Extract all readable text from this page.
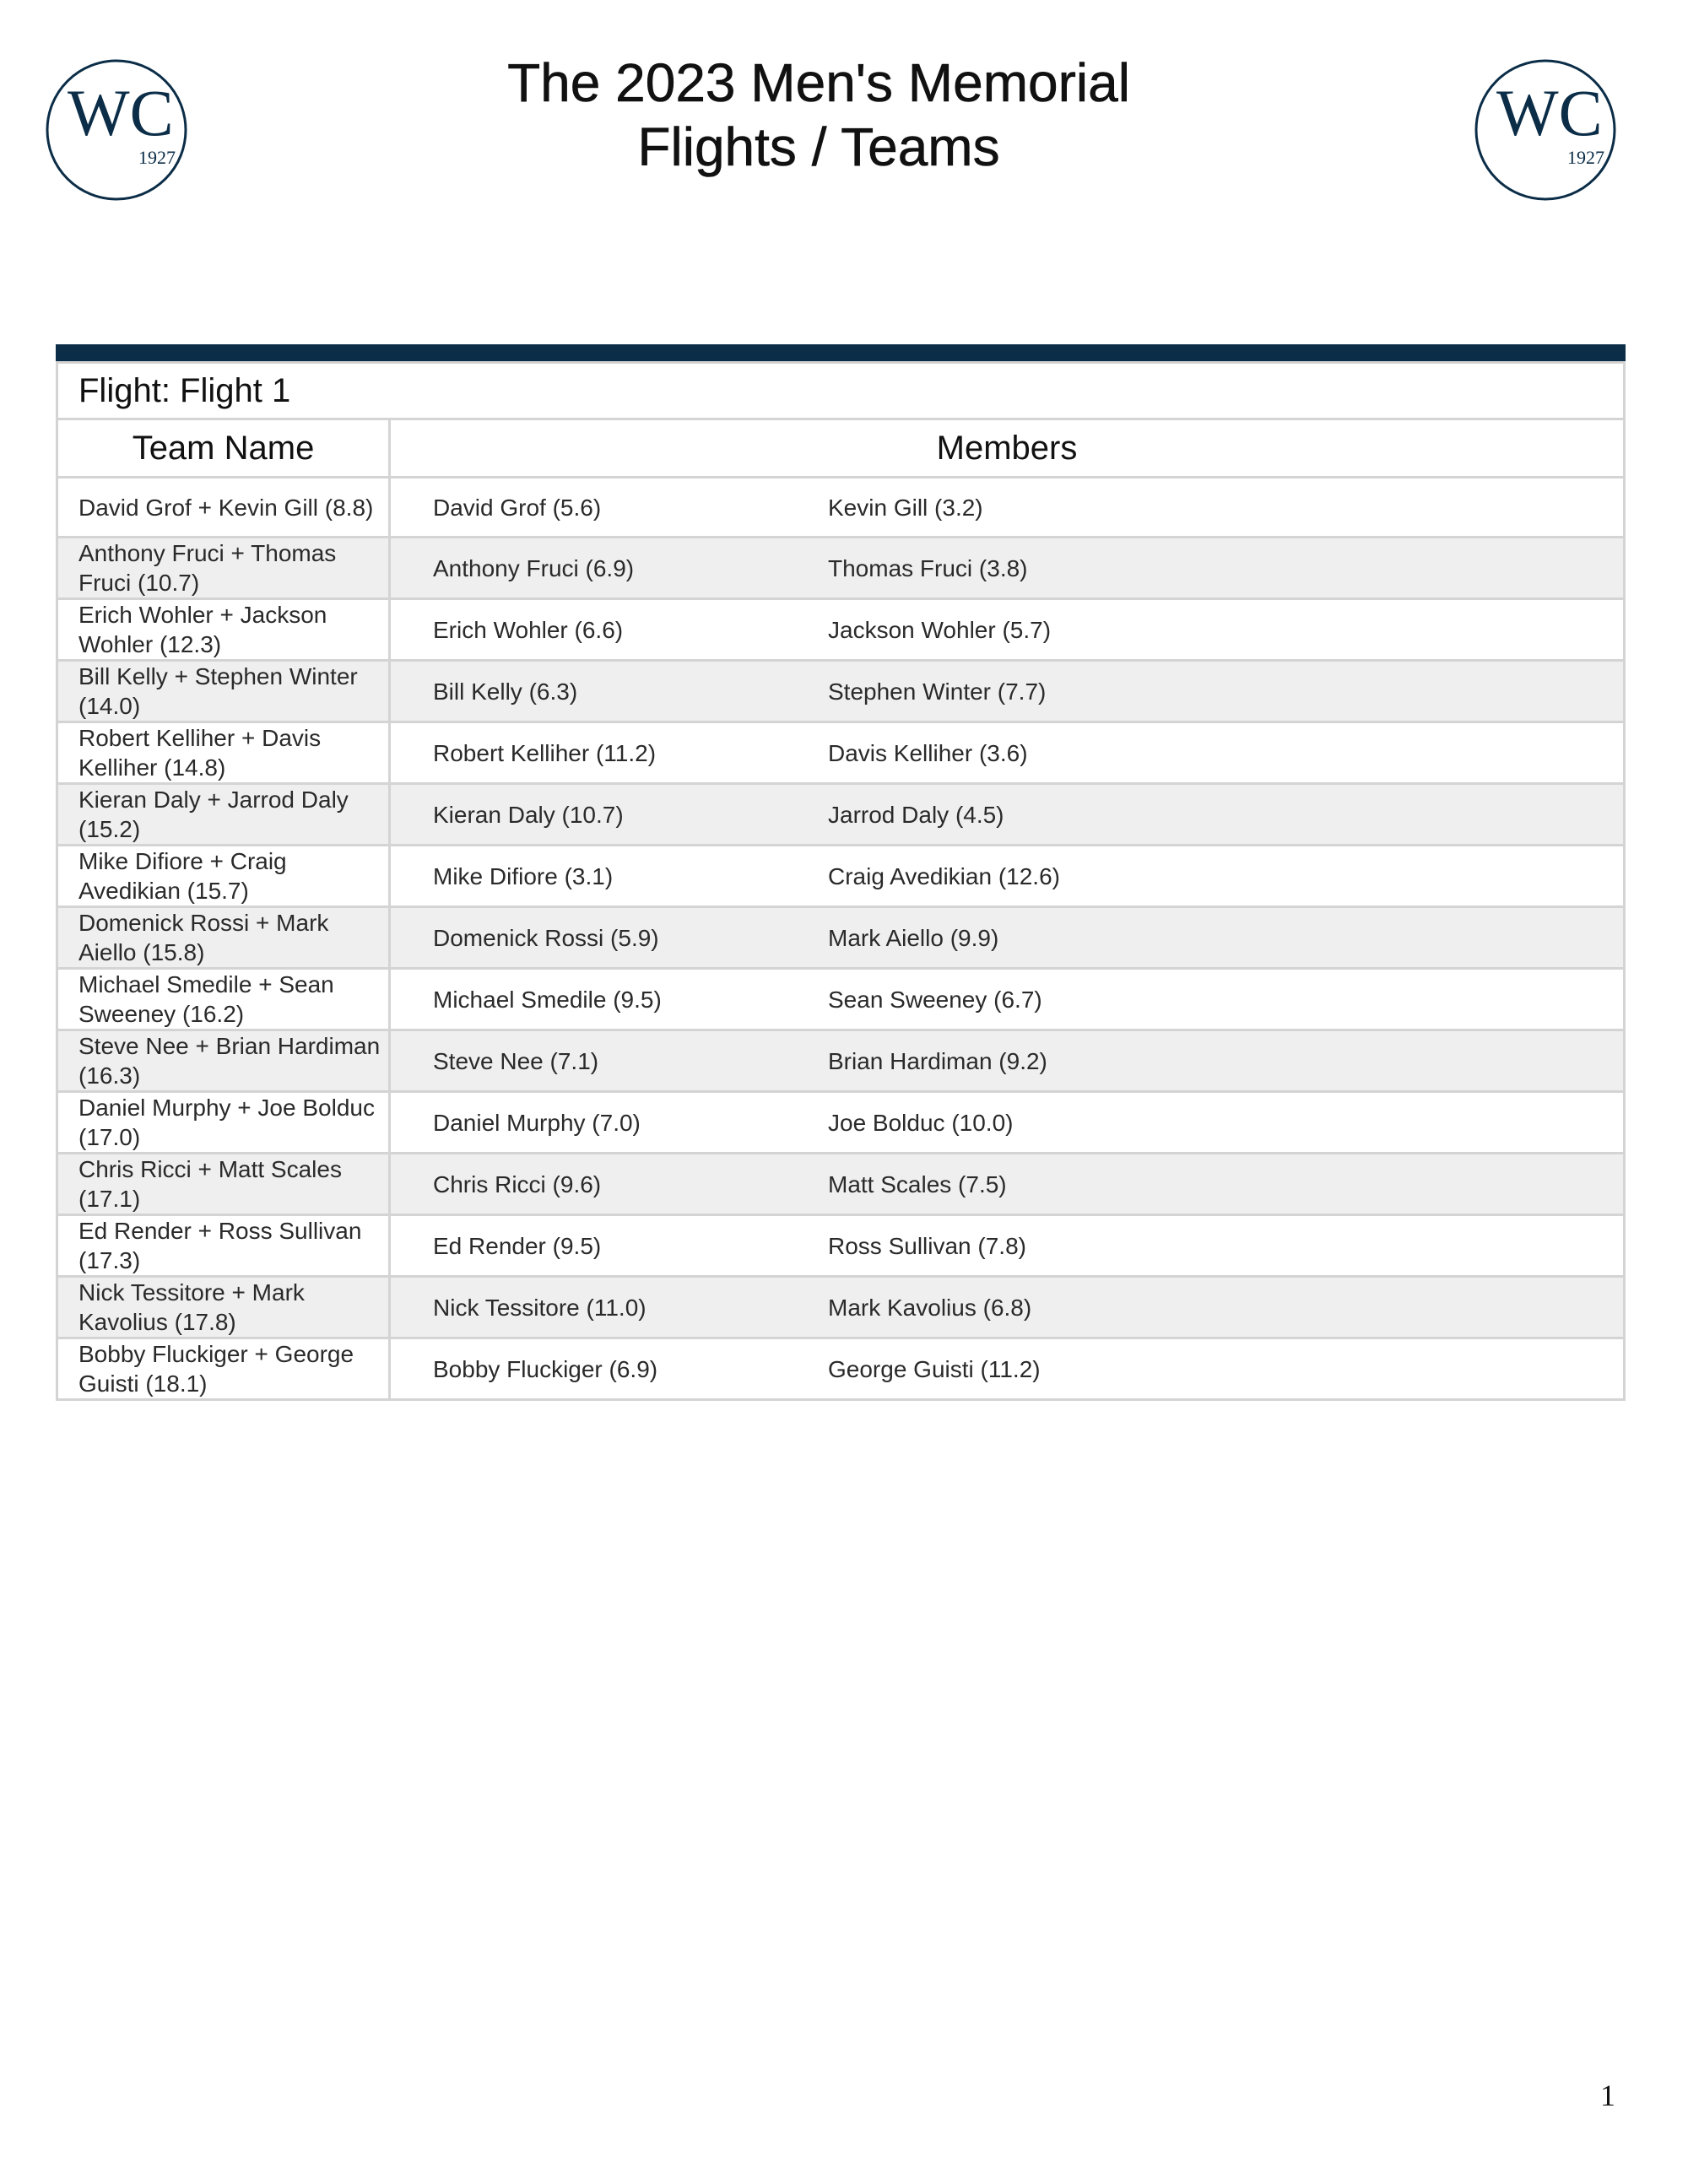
WC
1927
WC
1927
The 2023 Men's Memorial
Flights / Teams
Flight: Flight 1	
Team Name	Members
David Grof + Kevin Gill (8.8)	David Grof (5.6) Kevin Gill (3.2)

Anthony Fruci + Thomas Fruci (10.7)	Anthony Fruci (6.9) Thomas Fruci (3.8)

Erich Wohler + Jackson Wohler (12.3)	Erich Wohler (6.6) Jackson Wohler (5.7)

Bill Kelly + Stephen Winter (14.0)	Bill Kelly (6.3) Stephen Winter (7.7)

Robert Kelliher + Davis Kelliher (14.8)	Robert Kelliher (11.2) Davis Kelliher (3.6)

Kieran Daly + Jarrod Daly (15.2)	Kieran Daly (10.7) Jarrod Daly (4.5)

Mike Difiore + Craig Avedikian (15.7)	Mike Difiore (3.1) Craig Avedikian (12.6)

Domenick Rossi + Mark Aiello (15.8)	Domenick Rossi (5.9) Mark Aiello (9.9)

Michael Smedile + Sean Sweeney (16.2)	Michael Smedile (9.5) Sean Sweeney (6.7)

Steve Nee + Brian Hardiman (16.3)	Steve Nee (7.1) Brian Hardiman (9.2)

Daniel Murphy + Joe Bolduc (17.0)	Daniel Murphy (7.0) Joe Bolduc (10.0)

Chris Ricci + Matt Scales (17.1)	Chris Ricci (9.6) Matt Scales (7.5)

Ed Render + Ross Sullivan (17.3)	Ed Render (9.5) Ross Sullivan (7.8)

Nick Tessitore + Mark Kavolius (17.8)	Nick Tessitore (11.0) Mark Kavolius (6.8)

Bobby Fluckiger + George Guisti (18.1)	Bobby Fluckiger (6.9) George Guisti (11.2)
1
